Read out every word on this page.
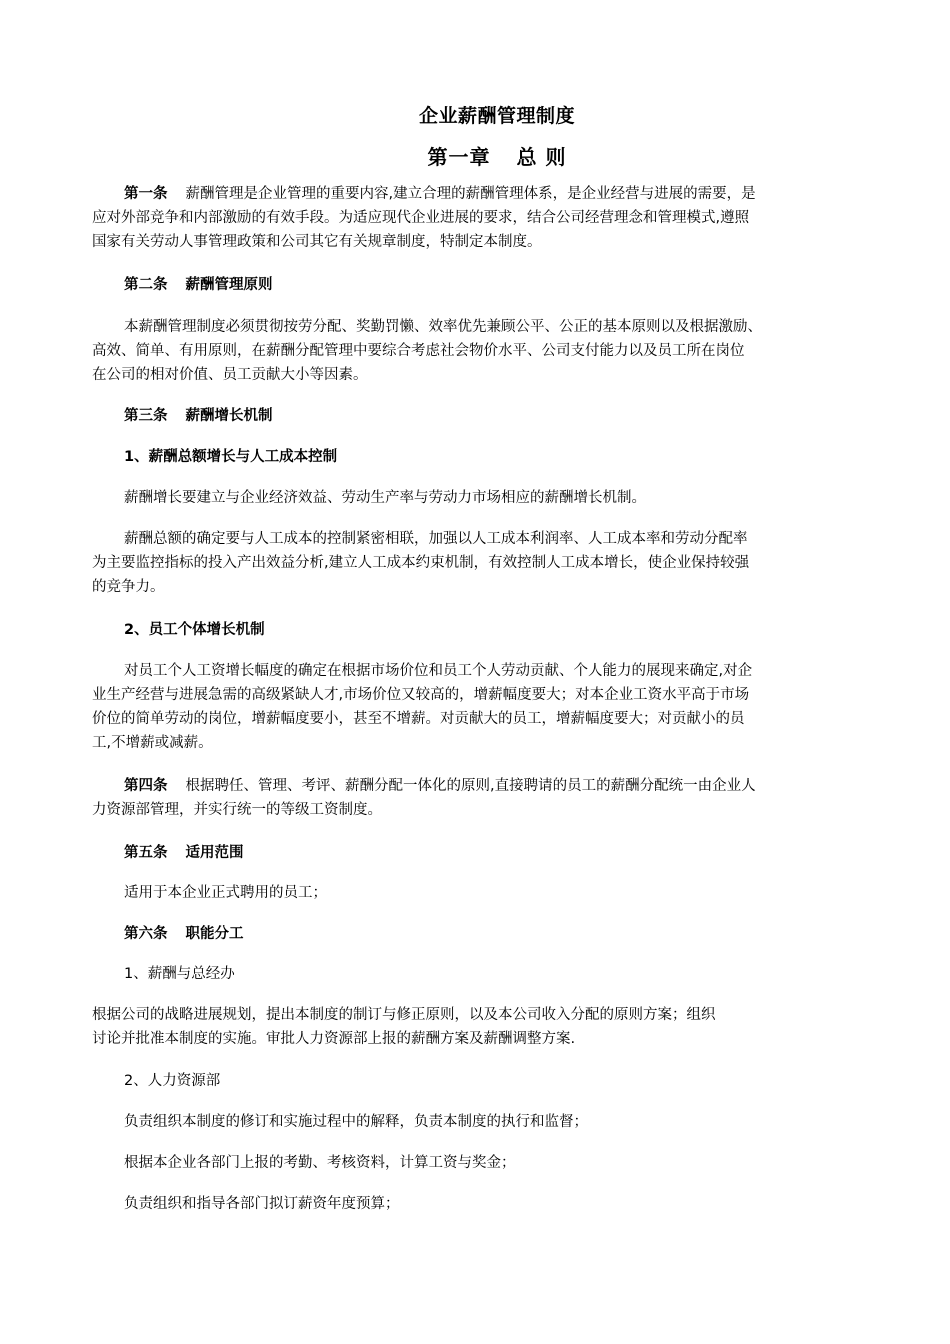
企业薪酬管理制度
第一章 总 则
第一条 薪酬管理是企业管理的重要内容,建立合理的薪酬管理体系，是企业经营与进展的需要，是
应对外部竞争和内部激励的有效手段。为适应现代企业进展的要求，结合公司经营理念和管理模式,遵照
国家有关劳动人事管理政策和公司其它有关规章制度，特制定本制度。
第二条 薪酬管理原则
本薪酬管理制度必须贯彻按劳分配、奖勤罚懒、效率优先兼顾公平、公正的基本原则以及根据激励、
高效、简单、有用原则，在薪酬分配管理中要综合考虑社会物价水平、公司支付能力以及员工所在岗位
在公司的相对价值、员工贡献大小等因素。
第三条 薪酬增长机制
1、薪酬总额增长与人工成本控制
薪酬增长要建立与企业经济效益、劳动生产率与劳动力市场相应的薪酬增长机制。
薪酬总额的确定要与人工成本的控制紧密相联，加强以人工成本利润率、人工成本率和劳动分配率
为主要监控指标的投入产出效益分析,建立人工成本约束机制，有效控制人工成本增长，使企业保持较强
的竞争力。
2、员工个体增长机制
对员工个人工资增长幅度的确定在根据市场价位和员工个人劳动贡献、个人能力的展现来确定,对企
业生产经营与进展急需的高级紧缺人才,市场价位又较高的，增薪幅度要大；对本企业工资水平高于市场
价位的简单劳动的岗位，增薪幅度要小，甚至不增薪。对贡献大的员工，增薪幅度要大；对贡献小的员
工,不增薪或减薪。
第四条 根据聘任、管理、考评、薪酬分配一体化的原则,直接聘请的员工的薪酬分配统一由企业人
力资源部管理，并实行统一的等级工资制度。
第五条 适用范围
适用于本企业正式聘用的员工；
第六条 职能分工
1、薪酬与总经办
根据公司的战略进展规划，提出本制度的制订与修正原则，以及本公司收入分配的原则方案；组织
讨论并批准本制度的实施。审批人力资源部上报的薪酬方案及薪酬调整方案.
2、人力资源部
负责组织本制度的修订和实施过程中的解释，负责本制度的执行和监督；
根据本企业各部门上报的考勤、考核资料，计算工资与奖金；
负责组织和指导各部门拟订薪资年度预算；
